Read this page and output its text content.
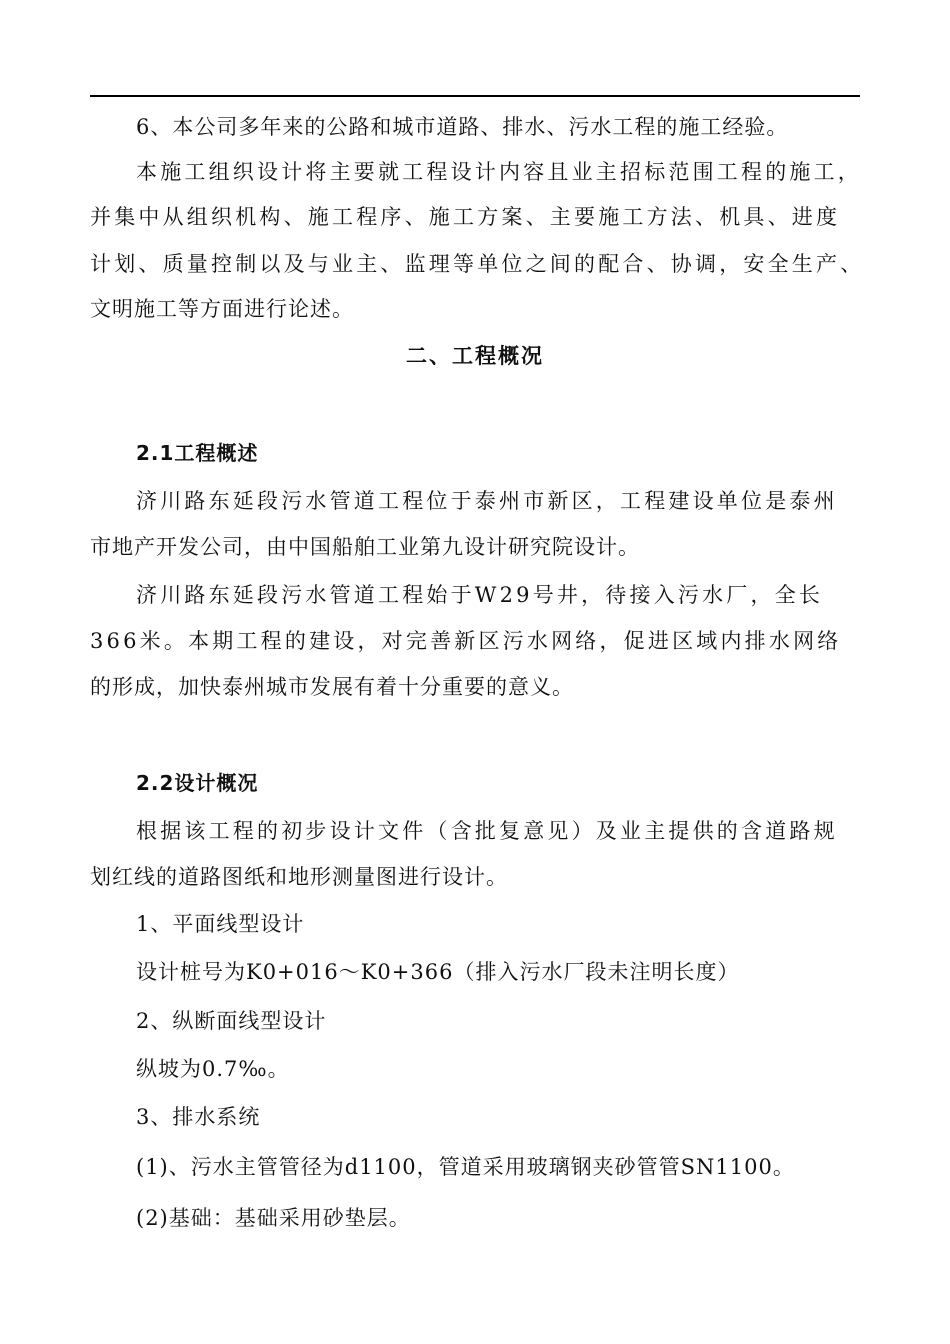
6、本公司多年来的公路和城市道路、排水、污水工程的施工经验。
本施工组织设计将主要就工程设计内容且业主招标范围工程的施工，
并集中从组织机构、施工程序、施工方案、主要施工方法、机具、进度
计划、质量控制以及与业主、监理等单位之间的配合、协调，安全生产、
文明施工等方面进行论述。
二、工程概况
2.1工程概述
济川路东延段污水管道工程位于泰州市新区，工程建设单位是泰州
市地产开发公司，由中国船舶工业第九设计研究院设计。
济川路东延段污水管道工程始于W29号井，待接入污水厂，全长
366米。本期工程的建设，对完善新区污水网络，促进区域内排水网络
的形成，加快泰州城市发展有着十分重要的意义。
2.2设计概况
根据该工程的初步设计文件（含批复意见）及业主提供的含道路规
划红线的道路图纸和地形测量图进行设计。
1、平面线型设计
设计桩号为K0+016～K0+366（排入污水厂段未注明长度）
2、纵断面线型设计
纵坡为0.7‰。
3、排水系统
(1)、污水主管管径为d1100，管道采用玻璃钢夹砂管管SN1100。
(2)基础：基础采用砂垫层。
